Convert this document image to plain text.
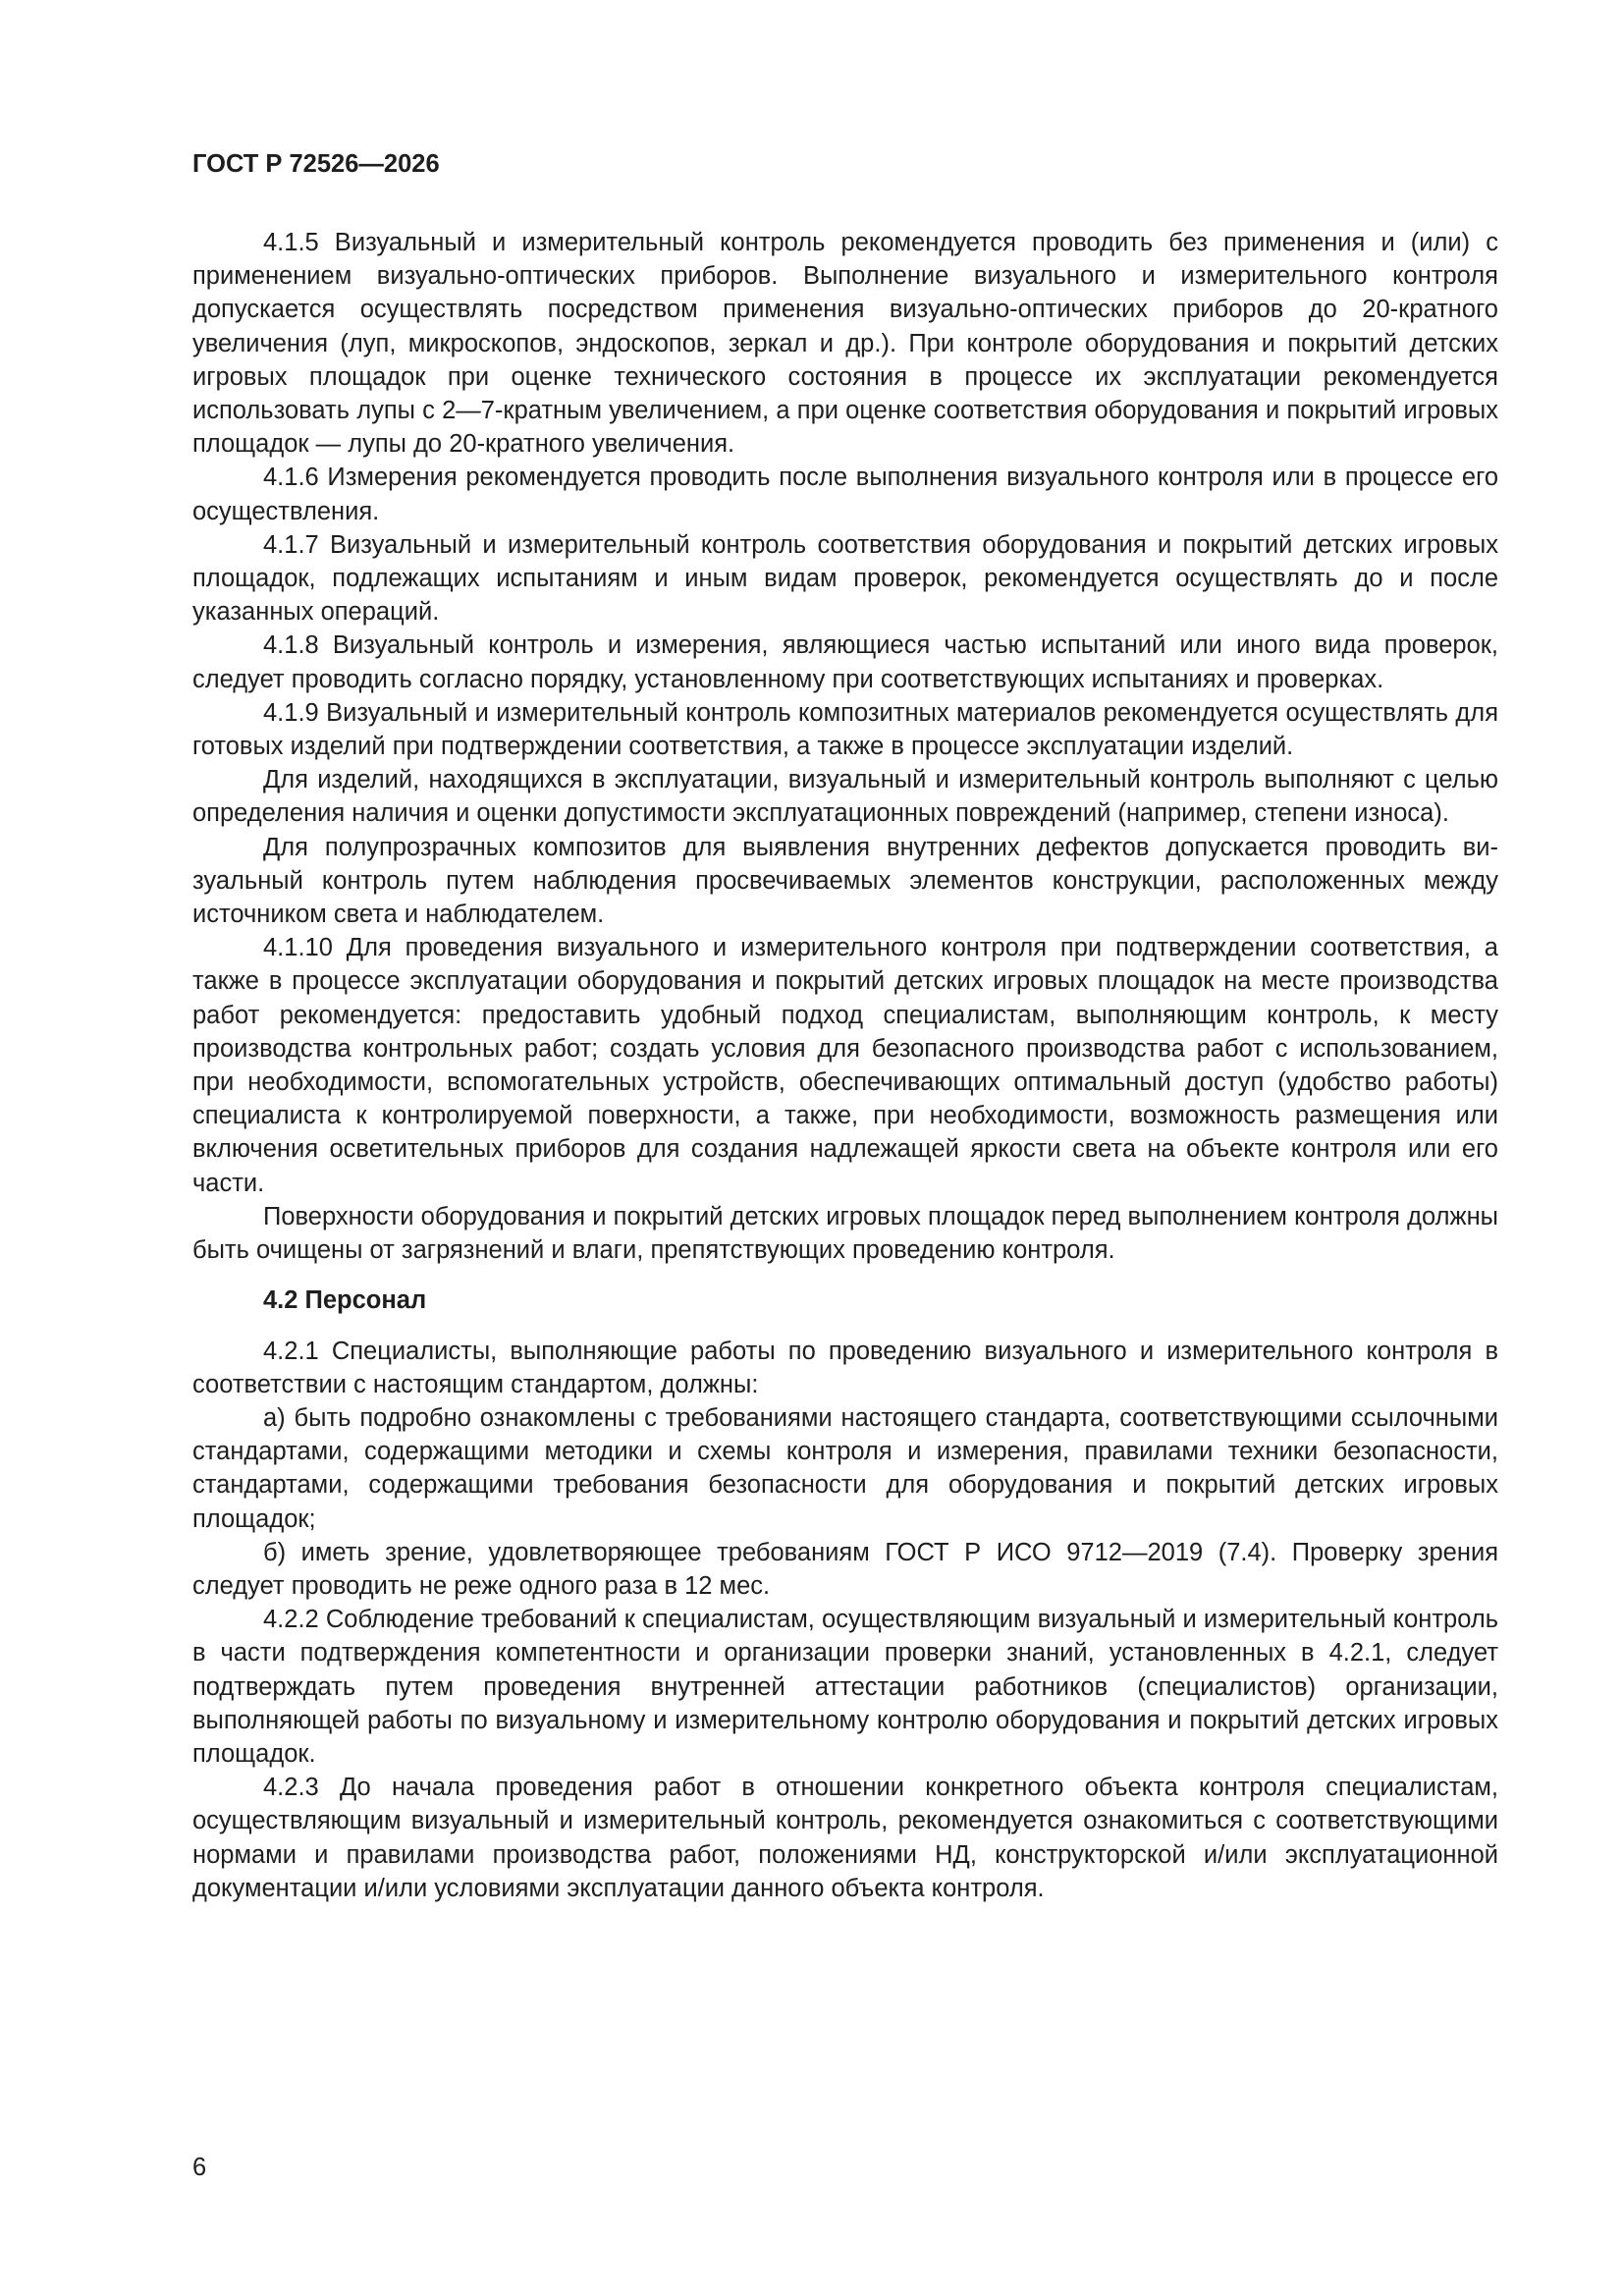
ГОСТ Р 72526—2026

4.1.5 Визуальный и измерительный контроль рекомендуется проводить без применения и (или) с применением визуально-оптических приборов. Выполнение визуального и измерительного контроля допускается осуществлять посредством применения визуально-оптических приборов до 20-кратного увеличения (луп, микроскопов, эндоскопов, зеркал и др.). При контроле оборудования и покрытий детских игровых площадок при оценке технического состояния в процессе их эксплуатации рекомендуется использовать лупы с 2—7-кратным увеличением, а при оценке соответствия оборудования и покрытий игровых площадок — лупы до 20-кратного увеличения.

4.1.6 Измерения рекомендуется проводить после выполнения визуального контроля или в процессе его осуществления.

4.1.7 Визуальный и измерительный контроль соответствия оборудования и покрытий детских игровых площадок, подлежащих испытаниям и иным видам проверок, рекомендуется осуществлять до и после указанных операций.

4.1.8 Визуальный контроль и измерения, являющиеся частью испытаний или иного вида проверок, следует проводить согласно порядку, установленному при соответствующих испытаниях и проверках.

4.1.9 Визуальный и измерительный контроль композитных материалов рекомендуется осуществлять для готовых изделий при подтверждении соответствия, а также в процессе эксплуатации изделий.

Для изделий, находящихся в эксплуатации, визуальный и измерительный контроль выполняют с целью определения наличия и оценки допустимости эксплуатационных повреждений (например, степени износа).

Для полупрозрачных композитов для выявления внутренних дефектов допускается проводить визуальный контроль путем наблюдения просвечиваемых элементов конструкции, расположенных между источником света и наблюдателем.

4.1.10 Для проведения визуального и измерительного контроля при подтверждении соответствия, а также в процессе эксплуатации оборудования и покрытий детских игровых площадок на месте производства работ рекомендуется: предоставить удобный подход специалистам, выполняющим контроль, к месту производства контрольных работ; создать условия для безопасного производства работ с использованием, при необходимости, вспомогательных устройств, обеспечивающих оптимальный доступ (удобство работы) специалиста к контролируемой поверхности, а также, при необходимости, возможность размещения или включения осветительных приборов для создания надлежащей яркости света на объекте контроля или его части.

Поверхности оборудования и покрытий детских игровых площадок перед выполнением контроля должны быть очищены от загрязнений и влаги, препятствующих проведению контроля.

4.2 Персонал

4.2.1 Специалисты, выполняющие работы по проведению визуального и измерительного контроля в соответствии с настоящим стандартом, должны:

а) быть подробно ознакомлены с требованиями настоящего стандарта, соответствующими ссылочными стандартами, содержащими методики и схемы контроля и измерения, правилами техники безопасности, стандартами, содержащими требования безопасности для оборудования и покрытий детских игровых площадок;

б) иметь зрение, удовлетворяющее требованиям ГОСТ Р ИСО 9712—2019 (7.4). Проверку зрения следует проводить не реже одного раза в 12 мес.

4.2.2 Соблюдение требований к специалистам, осуществляющим визуальный и измерительный контроль в части подтверждения компетентности и организации проверки знаний, установленных в 4.2.1, следует подтверждать путем проведения внутренней аттестации работников (специалистов) организации, выполняющей работы по визуальному и измерительному контролю оборудования и покрытий детских игровых площадок.

4.2.3 До начала проведения работ в отношении конкретного объекта контроля специалистам, осуществляющим визуальный и измерительный контроль, рекомендуется ознакомиться с соответствующими нормами и правилами производства работ, положениями НД, конструкторской и/или эксплуатационной документации и/или условиями эксплуатации данного объекта контроля.

6
